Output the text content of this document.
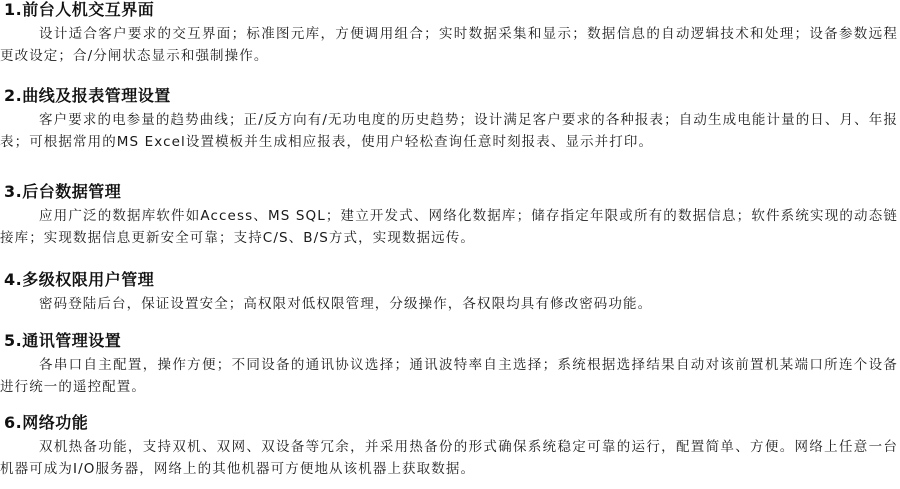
1.前台人机交互界面

设计适合客户要求的交互界面；标准图元库，方便调用组合；实时数据采集和显示；数据信息的自动逻辑技术和处理；设备参数远程更改设定；合/分闸状态显示和强制操作。

2.曲线及报表管理设置

客户要求的电参量的趋势曲线；正/反方向有/无功电度的历史趋势；设计满足客户要求的各种报表；自动生成电能计量的日、月、年报表；可根据常用的MS Excel设置模板并生成相应报表，使用户轻松查询任意时刻报表、显示并打印。

3.后台数据管理

应用广泛的数据库软件如Access、MS SQL；建立开发式、网络化数据库；储存指定年限或所有的数据信息；软件系统实现的动态链接库；实现数据信息更新安全可靠；支持C/S、B/S方式，实现数据远传。

4.多级权限用户管理

密码登陆后台，保证设置安全；高权限对低权限管理，分级操作，各权限均具有修改密码功能。

5.通讯管理设置

各串口自主配置，操作方便；不同设备的通讯协议选择；通讯波特率自主选择；系统根据选择结果自动对该前置机某端口所连个设备进行统一的遥控配置。

6.网络功能

双机热备功能，支持双机、双网、双设备等冗余，并采用热备份的形式确保系统稳定可靠的运行，配置简单、方便。网络上任意一台机器可成为I/O服务器，网络上的其他机器可方便地从该机器上获取数据。
